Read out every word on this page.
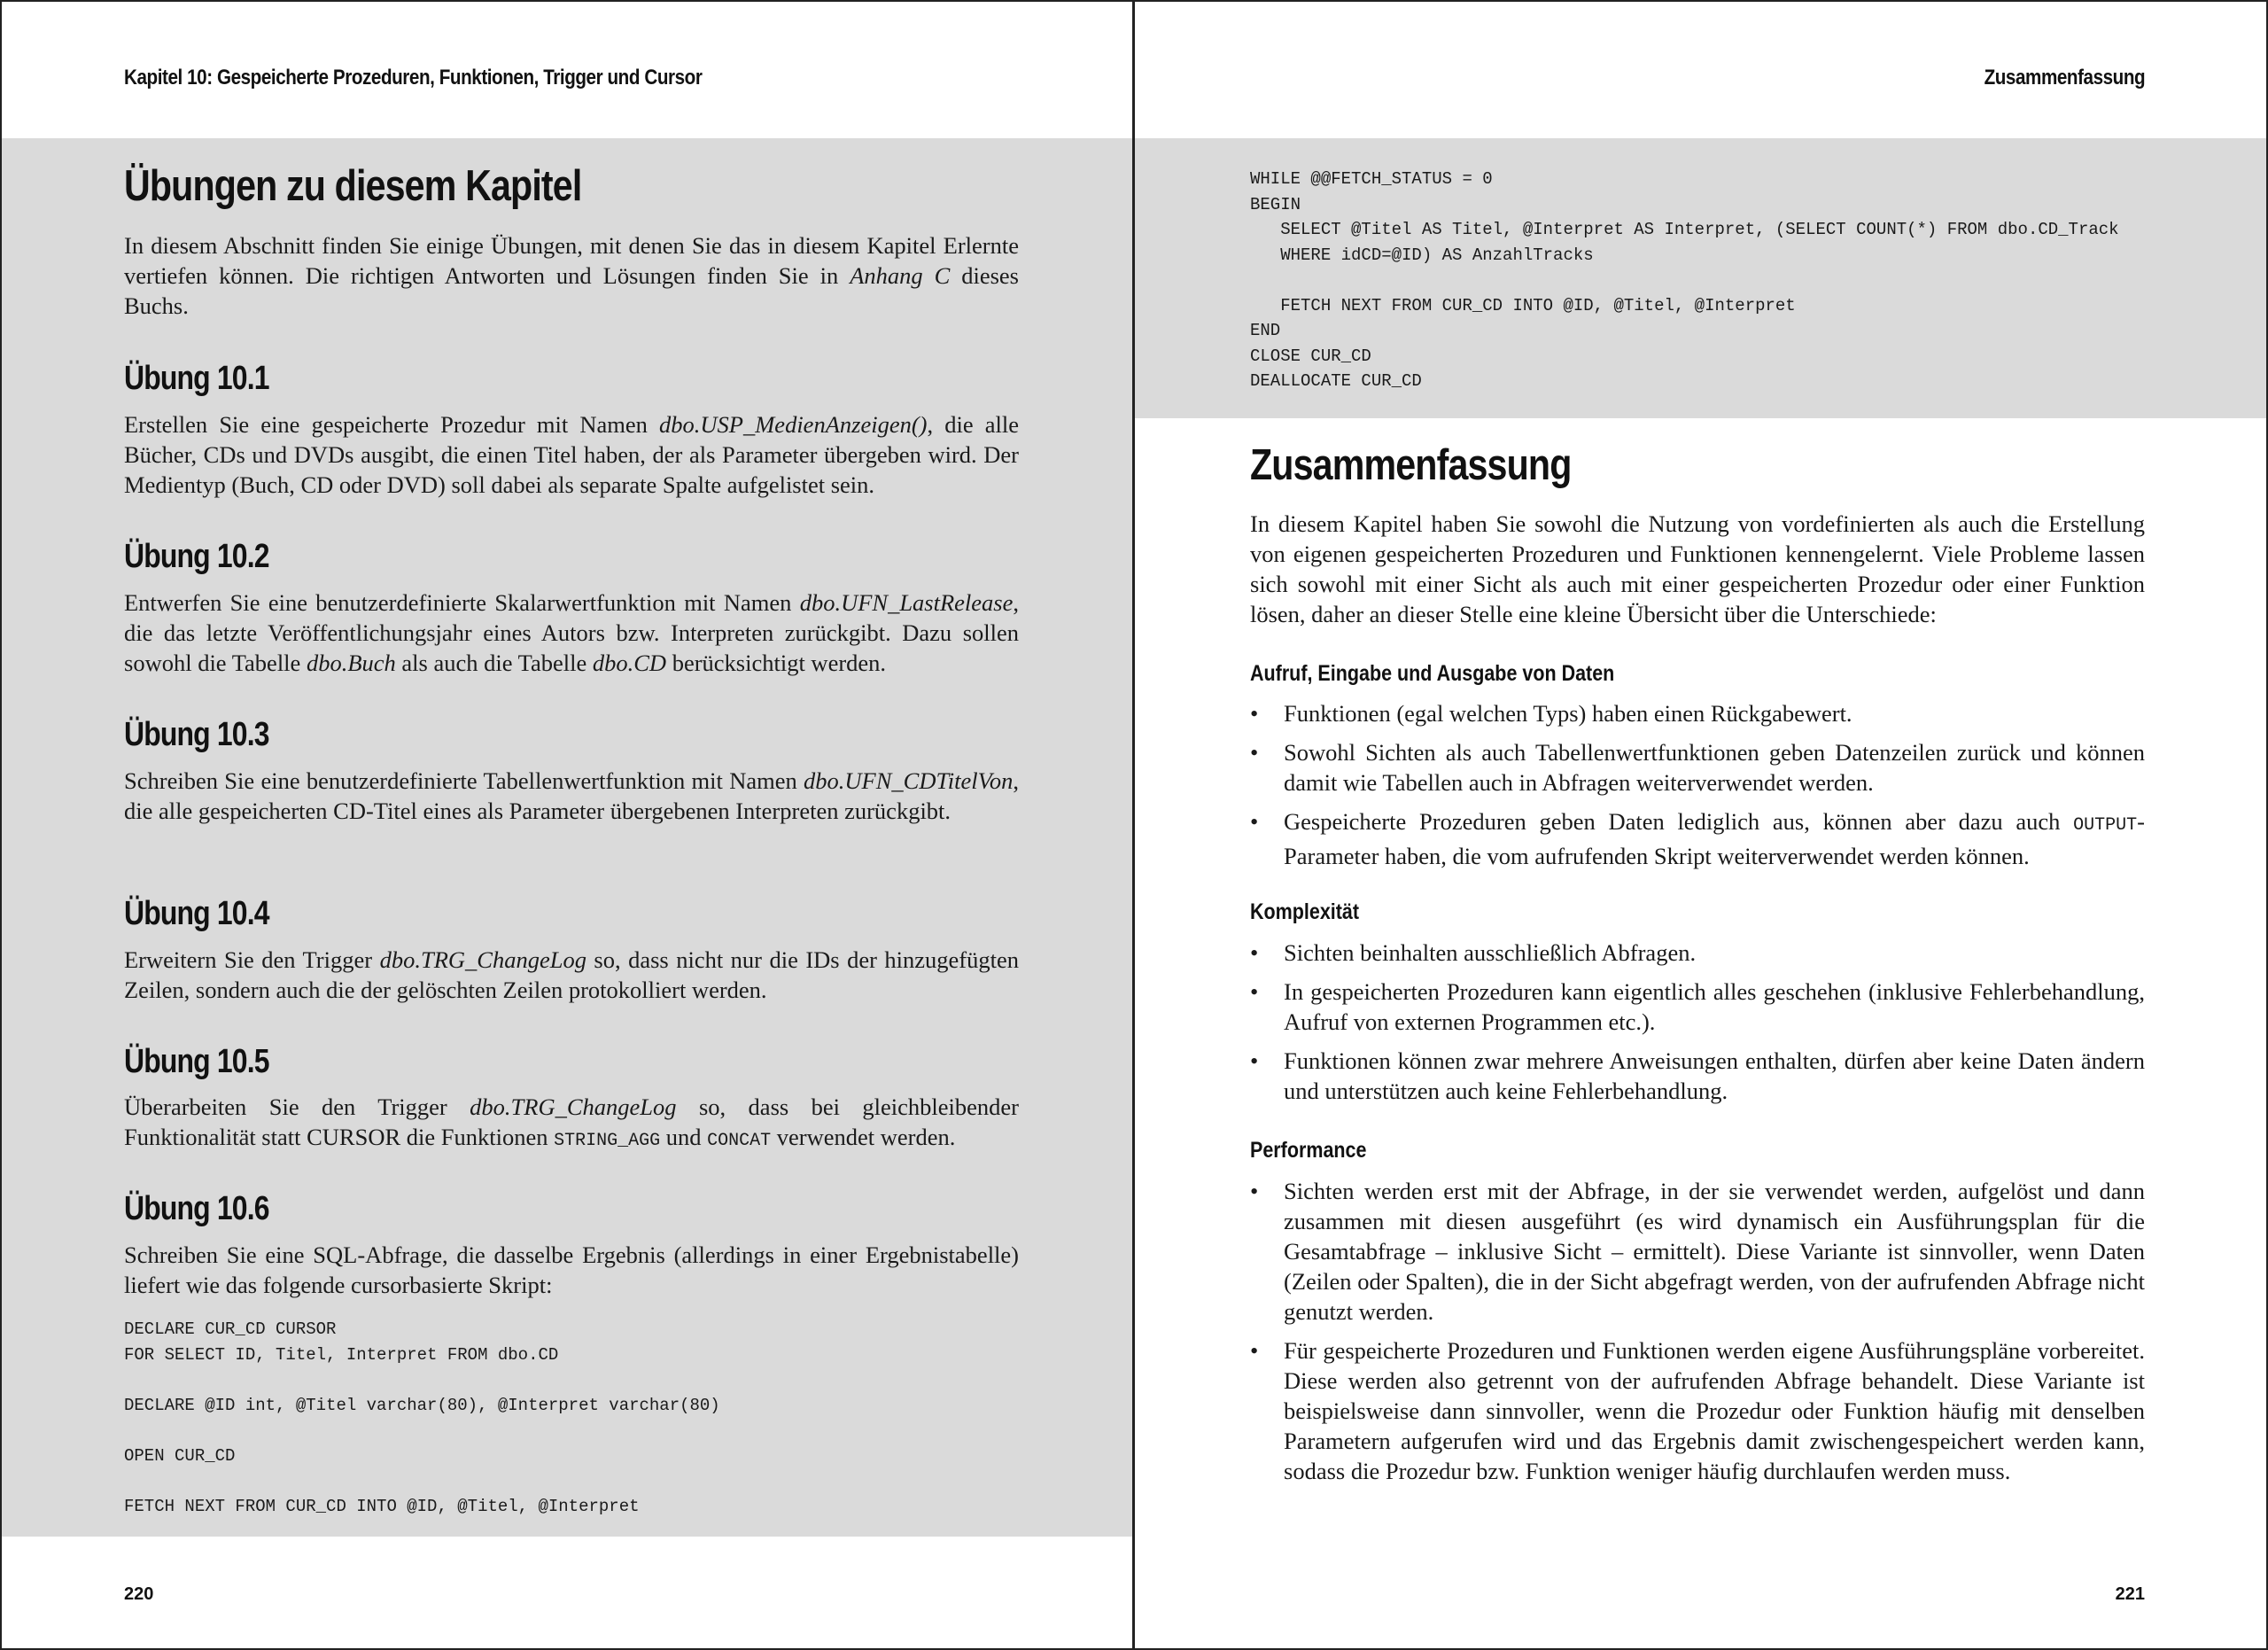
Kapitel 10: Gespeicherte Prozeduren, Funktionen, Trigger und Cursor
Übungen zu diesem Kapitel

In diesem Abschnitt finden Sie einige Übungen, mit denen Sie das in diesem Kapitel Erlernte vertiefen können. Die richtigen Antworten und Lösungen finden Sie in Anhang C dieses Buchs.

Übung 10.1

Erstellen Sie eine gespeicherte Prozedur mit Namen dbo.USP_MedienAnzeigen(), die alle Bücher, CDs und DVDs ausgibt, die einen Titel haben, der als Parameter übergeben wird. Der Medientyp (Buch, CD oder DVD) soll dabei als separate Spalte aufgelistet sein.

Übung 10.2

Entwerfen Sie eine benutzerdefinierte Skalarwertfunktion mit Namen dbo.UFN_LastRelease, die das letzte Veröffentlichungsjahr eines Autors bzw. Interpreten zurückgibt. Dazu sollen sowohl die Tabelle dbo.Buch als auch die Tabelle dbo.CD berücksichtigt werden.

Übung 10.3

Schreiben Sie eine benutzerdefinierte Tabellenwertfunktion mit Namen dbo.UFN_CDTitelVon, die alle gespeicherten CD-Titel eines als Parameter übergebenen Interpreten zurückgibt.

Übung 10.4

Erweitern Sie den Trigger dbo.TRG_ChangeLog so, dass nicht nur die IDs der hinzugefügten Zeilen, sondern auch die der gelöschten Zeilen protokolliert werden.

Übung 10.5

Überarbeiten Sie den Trigger dbo.TRG_ChangeLog so, dass bei gleichbleibender Funktionalität statt CURSOR die Funktionen STRING_AGG und CONCAT verwendet werden.

Übung 10.6

Schreiben Sie eine SQL-Abfrage, die dasselbe Ergebnis (allerdings in einer Ergebnistabelle) liefert wie das folgende cursorbasierte Skript:

DECLARE CUR_CD CURSOR
FOR SELECT ID, Titel, Interpret FROM dbo.CD

DECLARE @ID int, @Titel varchar(80), @Interpret varchar(80)

OPEN CUR_CD

FETCH NEXT FROM CUR_CD INTO @ID, @Titel, @Interpret
220
Zusammenfassung
WHILE @@FETCH_STATUS = 0
BEGIN
SELECT @Titel AS Titel, @Interpret AS Interpret, (SELECT COUNT(*) FROM dbo.CD_Track
WHERE idCD=@ID) AS AnzahlTracks

FETCH NEXT FROM CUR_CD INTO @ID, @Titel, @Interpret
END
CLOSE CUR_CD
DEALLOCATE CUR_CD
Zusammenfassung

In diesem Kapitel haben Sie sowohl die Nutzung von vordefinierten als auch die Erstellung von eigenen gespeicherten Prozeduren und Funktionen kennengelernt. Viele Probleme lassen sich sowohl mit einer Sicht als auch mit einer gespeicherten Prozedur oder einer Funktion lösen, daher an dieser Stelle eine kleine Übersicht über die Unterschiede:

Aufruf, Eingabe und Ausgabe von Daten
• Funktionen (egal welchen Typs) haben einen Rückgabewert.
• Sowohl Sichten als auch Tabellenwertfunktionen geben Datenzeilen zurück und können damit wie Tabellen auch in Abfragen weiterverwendet werden.
• Gespeicherte Prozeduren geben Daten lediglich aus, können aber dazu auch OUTPUT-Parameter haben, die vom aufrufenden Skript weiterverwendet werden können.
Komplexität
• Sichten beinhalten ausschließlich Abfragen.
• In gespeicherten Prozeduren kann eigentlich alles geschehen (inklusive Fehlerbehandlung, Aufruf von externen Programmen etc.).
• Funktionen können zwar mehrere Anweisungen enthalten, dürfen aber keine Daten ändern und unterstützen auch keine Fehlerbehandlung.
Performance
• Sichten werden erst mit der Abfrage, in der sie verwendet werden, aufgelöst und dann zusammen mit diesen ausgeführt (es wird dynamisch ein Ausführungsplan für die Gesamtabfrage – inklusive Sicht – ermittelt). Diese Variante ist sinnvoller, wenn Daten (Zeilen oder Spalten), die in der Sicht abgefragt werden, von der aufrufenden Abfrage nicht genutzt werden.
• Für gespeicherte Prozeduren und Funktionen werden eigene Ausführungspläne vorbereitet. Diese werden also getrennt von der aufrufenden Abfrage behandelt. Diese Variante ist beispielsweise dann sinnvoller, wenn die Prozedur oder Funktion häufig mit denselben Parametern aufgerufen wird und das Ergebnis damit zwischengespeichert werden kann, sodass die Prozedur bzw. Funktion weniger häufig durchlaufen werden muss.
221
